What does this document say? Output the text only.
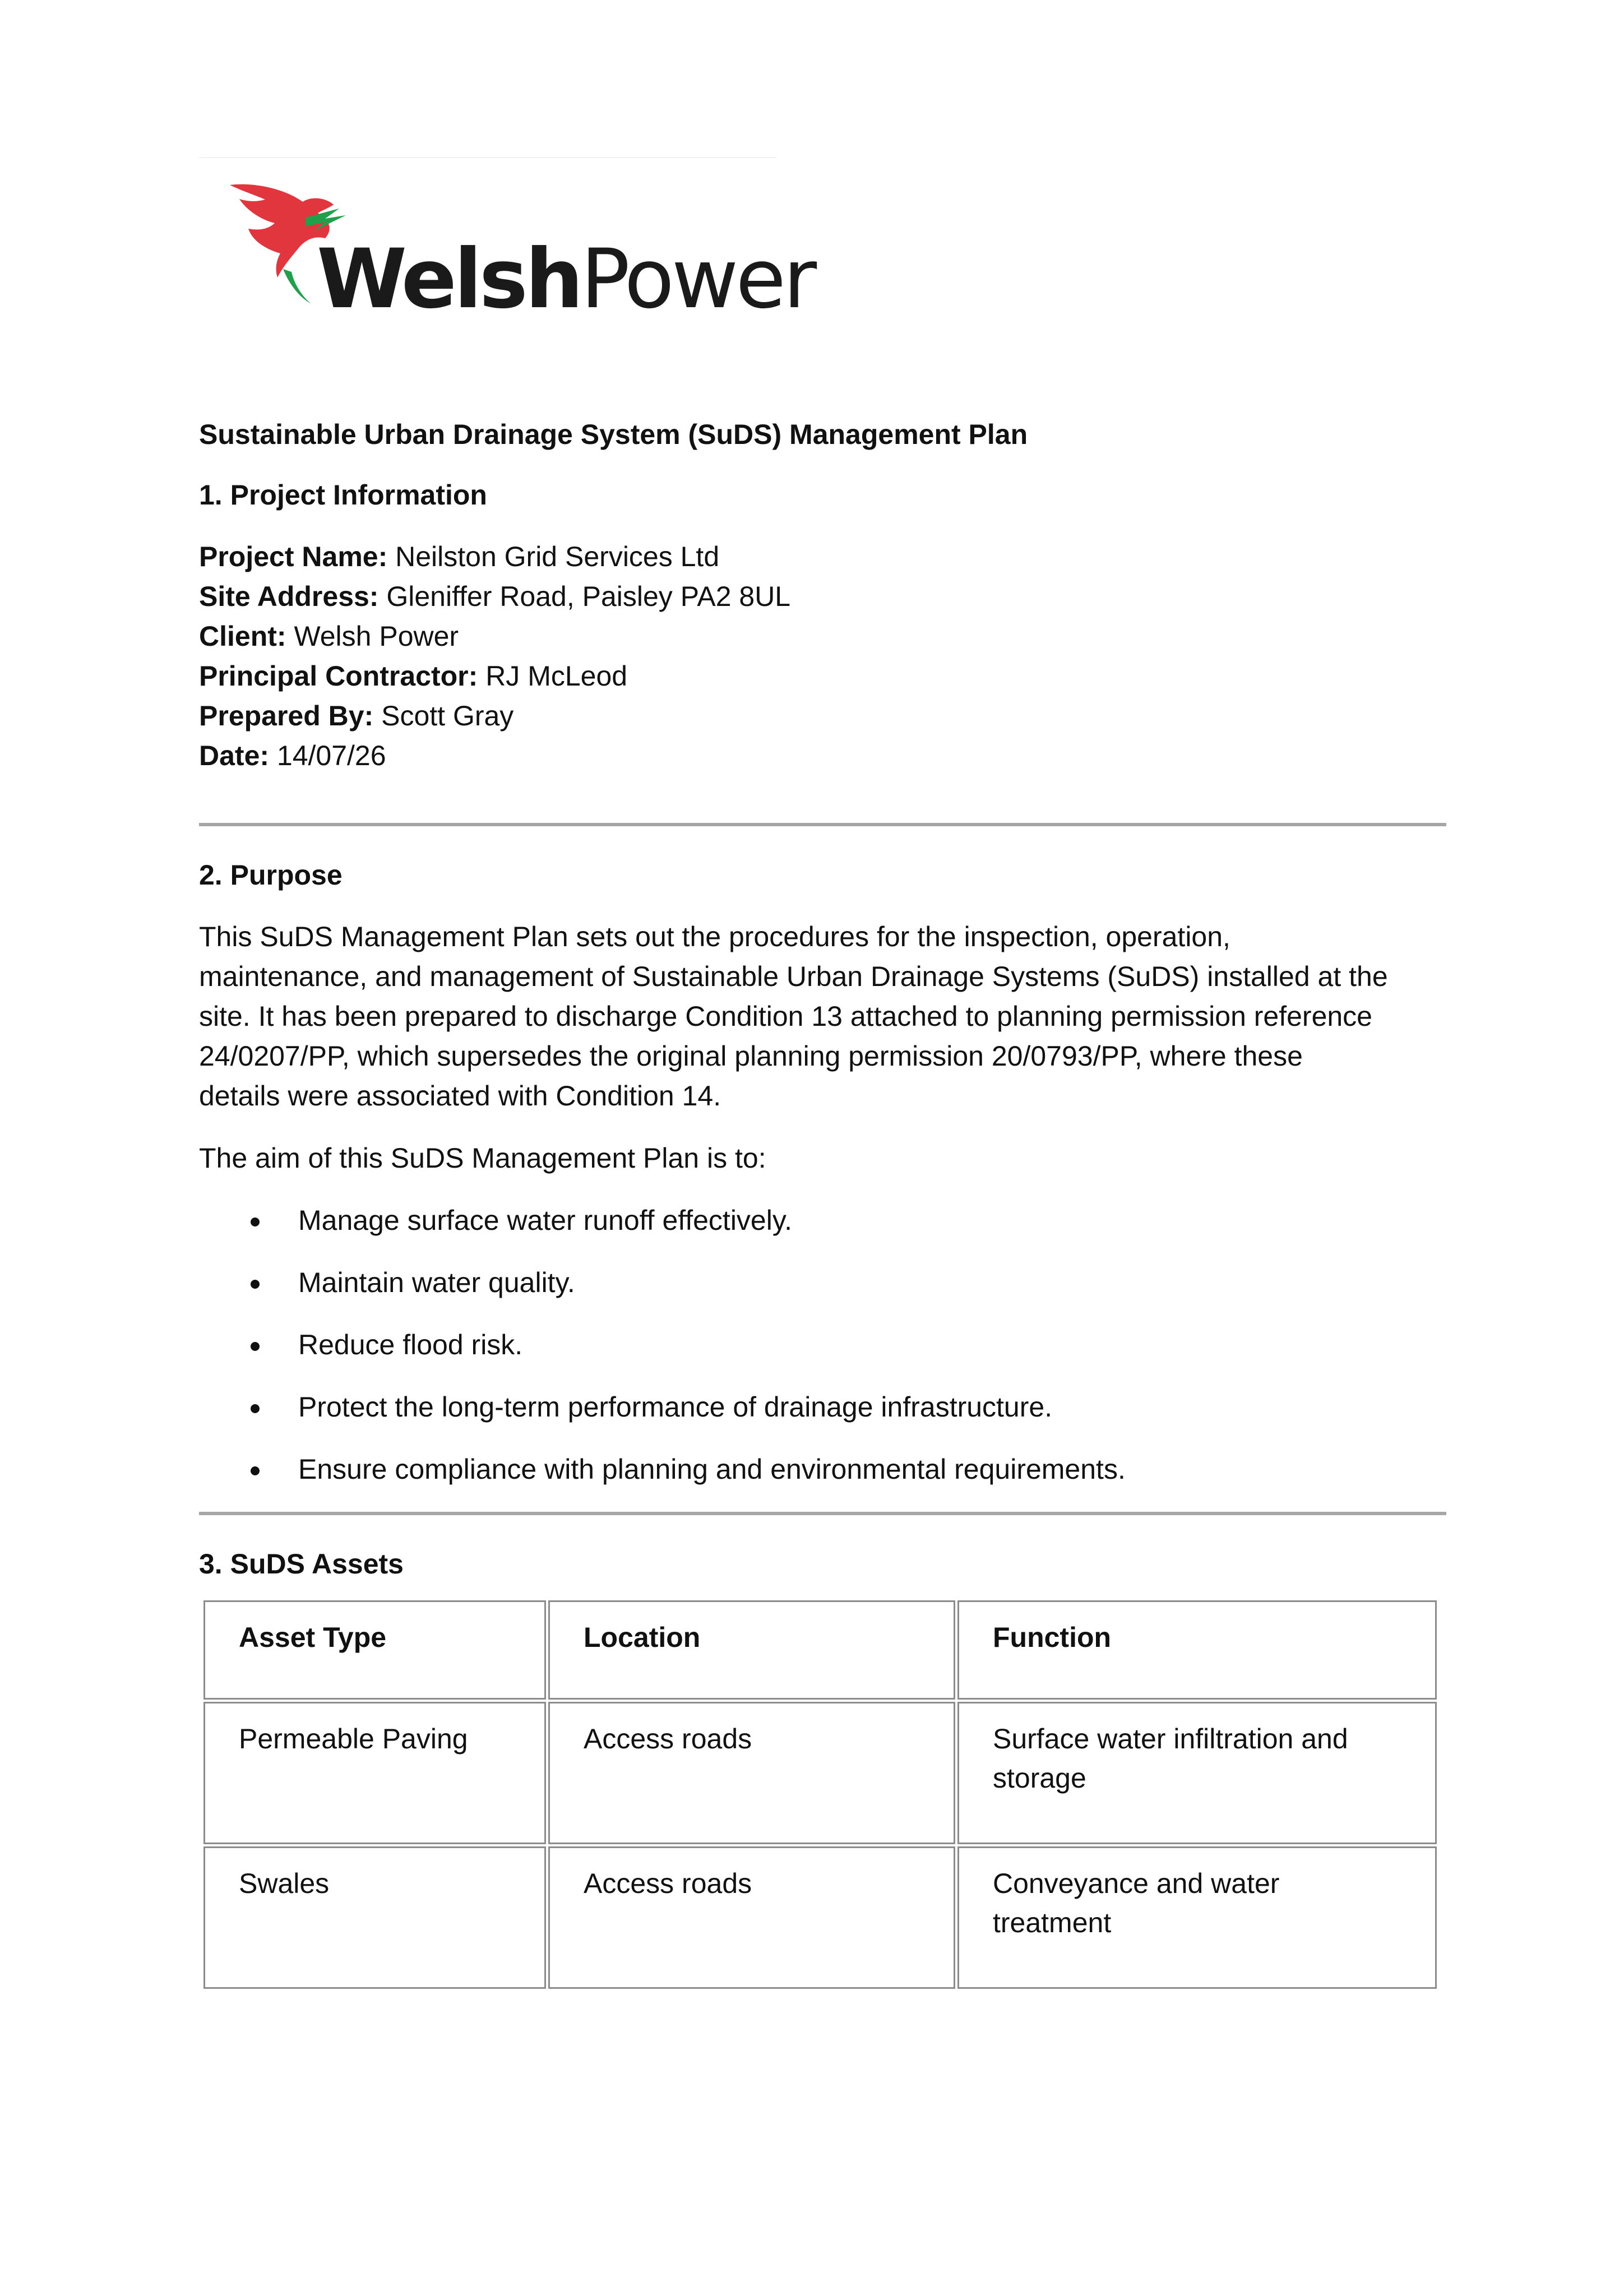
WelshPower
Sustainable Urban Drainage System (SuDS) Management Plan
1. Project Information
Project Name: Neilston Grid Services Ltd
Site Address: Gleniffer Road, Paisley PA2 8UL
Client: Welsh Power
Principal Contractor: RJ McLeod
Prepared By: Scott Gray
Date: 14/07/26
2. Purpose
This SuDS Management Plan sets out the procedures for the inspection, operation,
maintenance, and management of Sustainable Urban Drainage Systems (SuDS) installed at the
site. It has been prepared to discharge Condition 13 attached to planning permission reference
24/0207/PP, which supersedes the original planning permission 20/0793/PP, where these
details were associated with Condition 14.
The aim of this SuDS Management Plan is to:
Manage surface water runoff effectively.
Maintain water quality.
Reduce flood risk.
Protect the long-term performance of drainage infrastructure.
Ensure compliance with planning and environmental requirements.
3. SuDS Assets
Asset Type	Location	Function
Permeable Paving	Access roads	Surface water infiltration and
storage

Swales	Access roads	Conveyance and water
treatment
